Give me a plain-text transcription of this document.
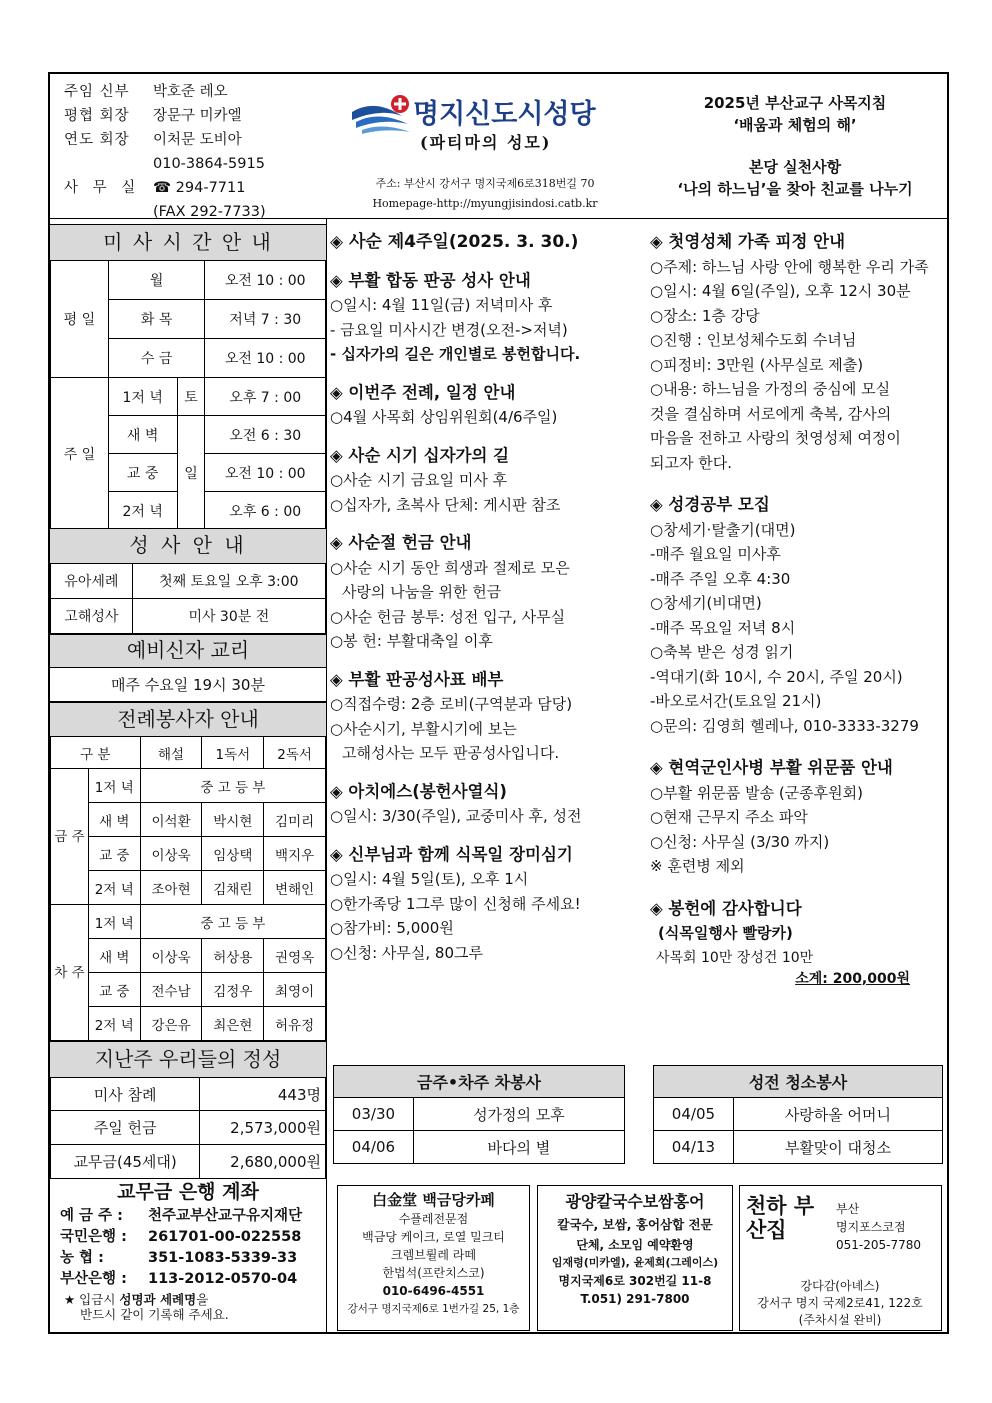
주임 신부	박호준 레오
평협 회장	장문구 미카엘
연도 회장	이처문 도비아
010-3864-5915
사 무 실 ☎ 294-7711
(FAX 292-7733)
명지신도시성당
(파티마의 성모)
주소: 부산시 강서구 명지국제6로318번길 70
Homepage-http://myungjisindosi.catb.kr
2025년 부산교구 사목지침
‘배움과 체험의 해’
본당 실천사항
‘나의 하느님’을 찾아 친교를 나누기
미 사 시 간 안 내
평 일	월		오전 10 : 00
	화 목		저녁 7 : 30
	수 금		오전 10 : 00
주 일	1저 녁	토	오후 7 : 00
	새 벽	일	오전 6 : 30
	교 중		오전 10 : 00
	2저 녁		오후 6 : 00
성 사 안 내
유아세례	첫째 토요일 오후 3:00
고해성사	미사 30분 전
예비신자 교리
매주 수요일 19시 30분
전례봉사자 안내
구 분		해설	1독서	2독서
금 주	1저 녁	중 고 등 부		
	새 벽	이석환	박시현	김미리
	교 중	이상욱	임상택	백지우
	2저 녁	조아현	김채린	변해인
차 주	1저 녁	중 고 등 부		
	새 벽	이상욱	허상용	권영옥
	교 중	전수남	김정우	최영이
	2저 녁	강은유	최은현	허유정
지난주 우리들의 정성
미사 참례	443명
주일 헌금	2,573,000원
교무금(45세대)	2,680,000원
교무금 은행 계좌
예 금 주 : 천주교부산교구유지재단
국민은행 : 261701-00-022558
농 협 :	351-1083-5339-33
부산은행 : 113-2012-0570-04
★ 입금시 성명과 세례명을
반드시 같이 기록해 주세요.
◈ 사순 제4주일(2025. 3. 30.)
◈ 부활 합동 판공 성사 안내
○일시: 4월 11일(금) 저녁미사 후
- 금요일 미사시간 변경(오전->저녁)
- 십자가의 길은 개인별로 봉헌합니다.
◈ 이번주 전례, 일정 안내
○4월 사목회 상임위원회(4/6주일)
◈ 사순 시기 십자가의 길
○사순 시기 금요일 미사 후
○십자가, 초복사 단체: 게시판 참조
◈ 사순절 헌금 안내
○사순 시기 동안 희생과 절제로 모은
사랑의 나눔을 위한 헌금
○사순 헌금 봉투: 성전 입구, 사무실
○봉 헌: 부활대축일 이후
◈ 부활 판공성사표 배부
○직접수령: 2층 로비(구역분과 담당)
○사순시기, 부활시기에 보는
고해성사는 모두 판공성사입니다.
◈ 아치에스(봉헌사열식)
○일시: 3/30(주일), 교중미사 후, 성전
◈ 신부님과 함께 식목일 장미심기
○일시: 4월 5일(토), 오후 1시
○한가족당 1그루 많이 신청해 주세요!
○참가비: 5,000원
○신청: 사무실, 80그루
◈ 첫영성체 가족 피정 안내
○주제: 하느님 사랑 안에 행복한 우리 가족
○일시: 4월 6일(주일), 오후 12시 30분
○장소: 1층 강당
○진행 : 인보성체수도회 수녀님
○피정비: 3만원 (사무실로 제출)
○내용: 하느님을 가정의 중심에 모실
것을 결심하며 서로에게 축복, 감사의
마음을 전하고 사랑의 첫영성체 여정이
되고자 한다.
◈ 성경공부 모집
○창세기·탈출기(대면)
-매주 월요일 미사후
-매주 주일 오후 4:30
○창세기(비대면)
-매주 목요일 저녁 8시
○축복 받은 성경 읽기
-역대기(화 10시, 수 20시, 주일 20시)
-바오로서간(토요일 21시)
○문의: 김영희 헬레나, 010-3333-3279
◈ 현역군인사병 부활 위문품 안내
○부활 위문품 발송 (군종후원회)
○현재 근무지 주소 파악
○신청: 사무실 (3/30 까지)
※ 훈련병 제외
◈ 봉헌에 감사합니다
(식목일행사 빨랑카)
사목회 10만 장성건 10만
소계: 200,000원
금주•차주 차봉사	
03/30	성가정의 모후
04/06	바다의 별
성전 청소봉사	
04/05	사랑하올 어머니
04/13	부활맞이 대청소
白金堂 백금당카페
수플레전문점
백금당 케이크, 로열 밀크티
크렘브륄레 라떼
한법석(프란치스코)
010-6496-4551
강서구 명지국제6로 1번가길 25, 1층
광양칼국수보쌈홍어
칼국수, 보쌈, 홍어삼합 전문
단체, 소모임 예약환영
임재령(미카엘), 윤제희(그레이스)
명지국제6로 302번길 11-8
T.051) 291-7800
천하 부산집
부산
명지포스코점
051-205-7780
강다감(아녜스)
강서구 명지 국제2로41, 122호
(주차시설 완비)
